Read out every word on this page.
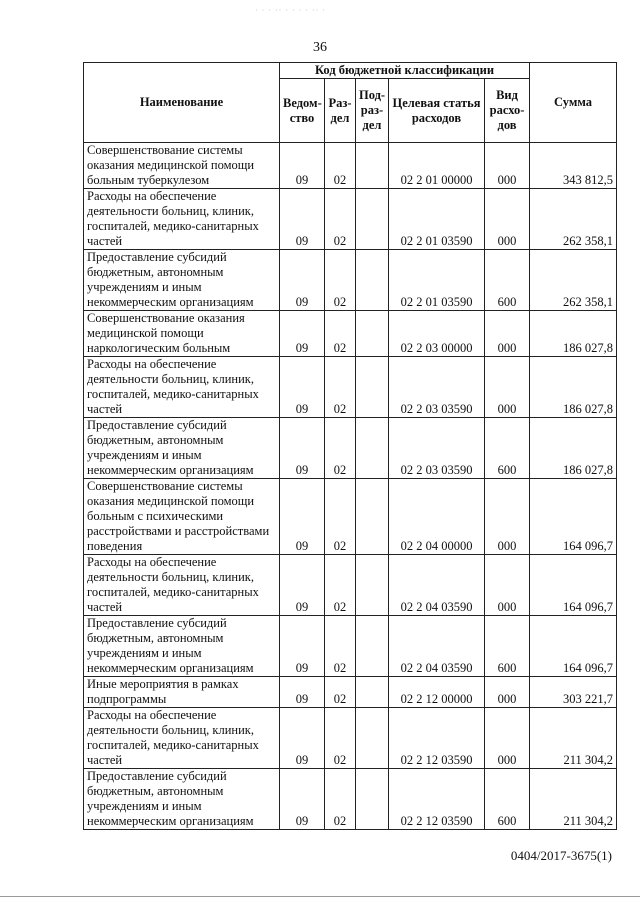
· · · ·· · · · · ·· ·
36
Наименование	Код бюджетной классификации					Сумма
	Ведом-ство	Раз-дел	Под-раз-дел	Целевая статья расходов	Вид расхо-дов	
Совершенствование системы оказания медицинской помощи больным туберкулезом	09	02		02 2 01 00000	000	343 812,5
Расходы на обеспечение деятельности больниц, клиник, госпиталей, медико-санитарных частей	09	02		02 2 01 03590	000	262 358,1
Предоставление субсидий бюджетным, автономным учреждениям и иным некоммерческим организациям	09	02		02 2 01 03590	600	262 358,1
Совершенствование оказания медицинской помощи наркологическим больным	09	02		02 2 03 00000	000	186 027,8
Расходы на обеспечение деятельности больниц, клиник, госпиталей, медико-санитарных частей	09	02		02 2 03 03590	000	186 027,8
Предоставление субсидий бюджетным, автономным учреждениям и иным некоммерческим организациям	09	02		02 2 03 03590	600	186 027,8
Совершенствование системы оказания медицинской помощи больным с психическими расстройствами и расстройствами поведения	09	02		02 2 04 00000	000	164 096,7
Расходы на обеспечение деятельности больниц, клиник, госпиталей, медико-санитарных частей	09	02		02 2 04 03590	000	164 096,7
Предоставление субсидий бюджетным, автономным учреждениям и иным некоммерческим организациям	09	02		02 2 04 03590	600	164 096,7
Иные мероприятия в рамках подпрограммы	09	02		02 2 12 00000	000	303 221,7
Расходы на обеспечение деятельности больниц, клиник, госпиталей, медико-санитарных частей	09	02		02 2 12 03590	000	211 304,2
Предоставление субсидий бюджетным, автономным учреждениям и иным некоммерческим организациям	09	02		02 2 12 03590	600	211 304,2
0404/2017-3675(1)
